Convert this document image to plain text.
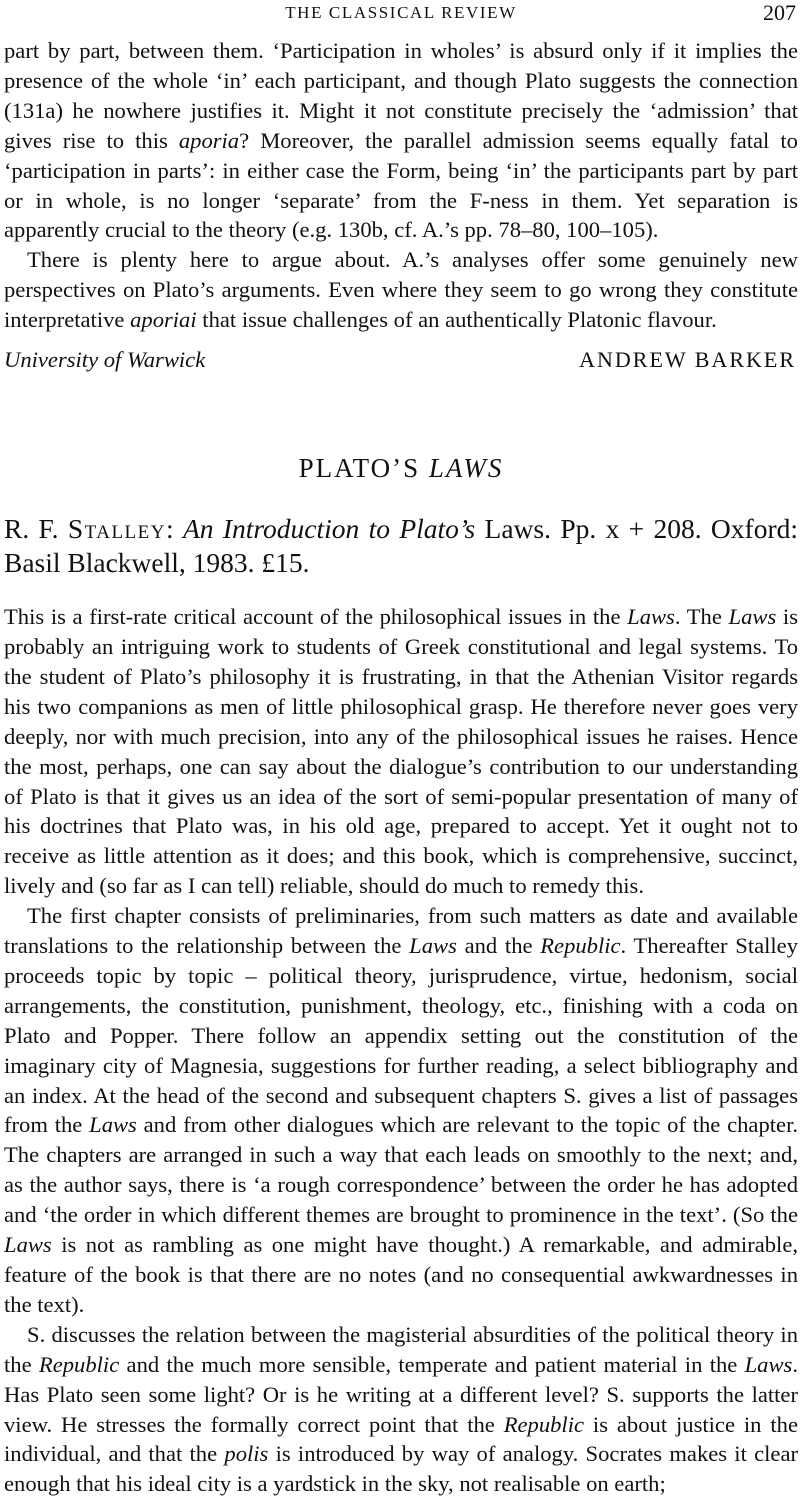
THE CLASSICAL REVIEW	207

part by part, between them. ‘Participation in wholes’ is absurd only if it implies the presence of the whole ‘in’ each participant, and though Plato suggests the connection (131a) he nowhere justifies it. Might it not constitute precisely the ‘admission’ that gives rise to this aporia? Moreover, the parallel admission seems equally fatal to ‘participation in parts’: in either case the Form, being ‘in’ the participants part by part or in whole, is no longer ‘separate’ from the F-ness in them. Yet separation is apparently crucial to the theory (e.g. 130b, cf. A.’s pp. 78–80, 100–105).

There is plenty here to argue about. A.’s analyses offer some genuinely new perspectives on Plato’s arguments. Even where they seem to go wrong they constitute interpretative aporiai that issue challenges of an authentically Platonic flavour.

University of Warwick	ANDREW BARKER
PLATO’S LAWS
R. F. Stalley: An Introduction to Plato’s Laws. Pp. x + 208. Oxford: Basil Blackwell, 1983. £15.

This is a first-rate critical account of the philosophical issues in the Laws. The Laws is probably an intriguing work to students of Greek constitutional and legal systems. To the student of Plato’s philosophy it is frustrating, in that the Athenian Visitor regards his two companions as men of little philosophical grasp. He therefore never goes very deeply, nor with much precision, into any of the philosophical issues he raises. Hence the most, perhaps, one can say about the dialogue’s contribution to our understanding of Plato is that it gives us an idea of the sort of semi-popular presentation of many of his doctrines that Plato was, in his old age, prepared to accept. Yet it ought not to receive as little attention as it does; and this book, which is comprehensive, succinct, lively and (so far as I can tell) reliable, should do much to remedy this.

The first chapter consists of preliminaries, from such matters as date and available translations to the relationship between the Laws and the Republic. Thereafter Stalley proceeds topic by topic – political theory, jurisprudence, virtue, hedonism, social arrangements, the constitution, punishment, theology, etc., finishing with a coda on Plato and Popper. There follow an appendix setting out the constitution of the imaginary city of Magnesia, suggestions for further reading, a select bibliography and an index. At the head of the second and subsequent chapters S. gives a list of passages from the Laws and from other dialogues which are relevant to the topic of the chapter. The chapters are arranged in such a way that each leads on smoothly to the next; and, as the author says, there is ‘a rough correspondence’ between the order he has adopted and ‘the order in which different themes are brought to prominence in the text’. (So the Laws is not as rambling as one might have thought.) A remarkable, and admirable, feature of the book is that there are no notes (and no consequential awkwardnesses in the text).

S. discusses the relation between the magisterial absurdities of the political theory in the Republic and the much more sensible, temperate and patient material in the Laws. Has Plato seen some light? Or is he writing at a different level? S. supports the latter view. He stresses the formally correct point that the Republic is about justice in the individual, and that the polis is introduced by way of analogy. Socrates makes it clear enough that his ideal city is a yardstick in the sky, not realisable on earth;
